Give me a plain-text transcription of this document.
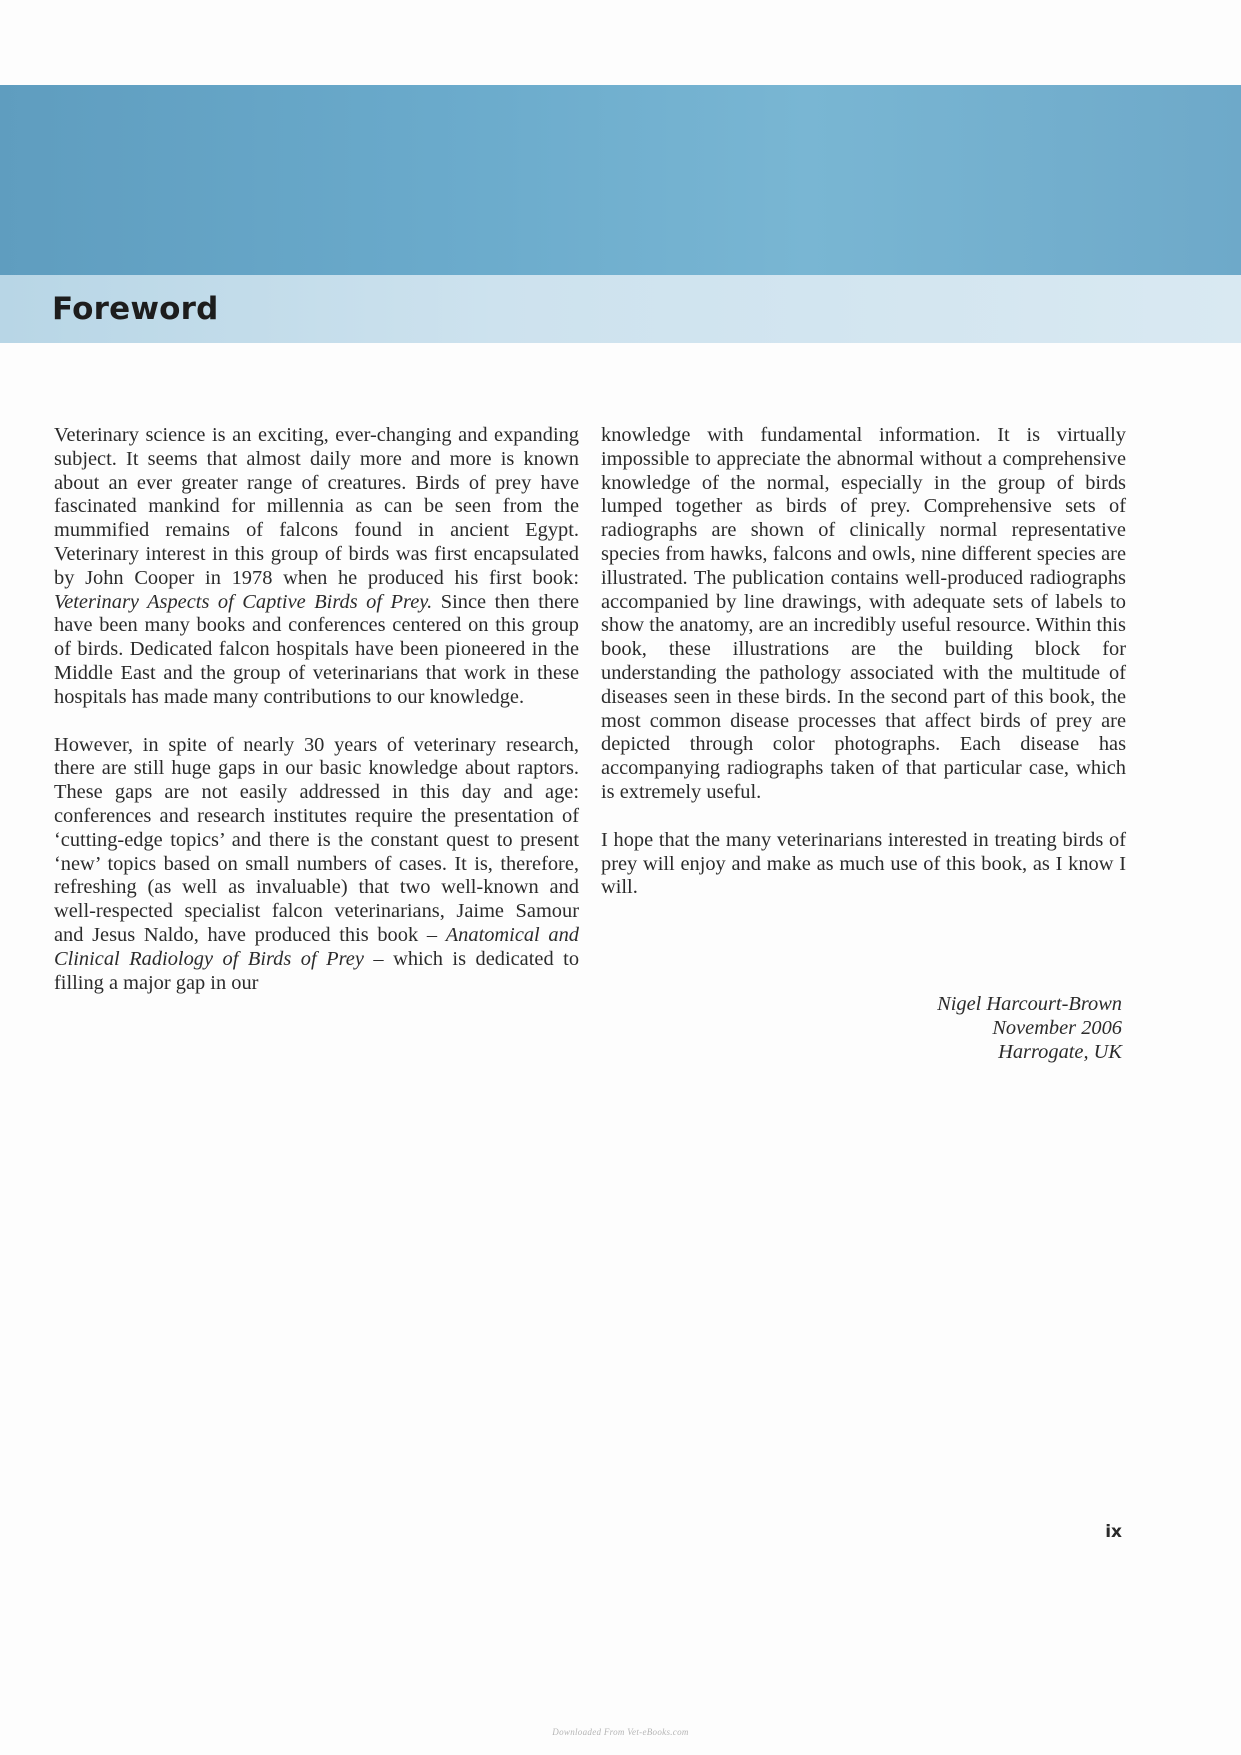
Foreword

Veterinary science is an exciting, ever-changing and expanding subject. It seems that almost daily more and more is known about an ever greater range of creatures. Birds of prey have fascinated mankind for millennia as can be seen from the mummified remains of falcons found in ancient Egypt. Veterinary interest in this group of birds was first encapsulated by John Cooper in 1978 when he produced his first book: Veterinary Aspects of Captive Birds of Prey. Since then there have been many books and conferences centered on this group of birds. Dedicated falcon hospitals have been pioneered in the Middle East and the group of veterinarians that work in these hospitals has made many contributions to our knowledge.

However, in spite of nearly 30 years of veterinary research, there are still huge gaps in our basic knowledge about raptors. These gaps are not easily addressed in this day and age: conferences and research institutes require the presentation of ‘cutting-edge topics’ and there is the constant quest to present ‘new’ topics based on small numbers of cases. It is, therefore, refreshing (as well as invaluable) that two well-known and well-respected specialist falcon veterinarians, Jaime Samour and Jesus Naldo, have produced this book – Anatomical and Clinical Radiology of Birds of Prey – which is dedicated to filling a major gap in our

knowledge with fundamental information. It is virtually impossible to appreciate the abnormal without a comprehensive knowledge of the normal, especially in the group of birds lumped together as birds of prey. Comprehensive sets of radiographs are shown of clinically normal representative species from hawks, falcons and owls, nine different species are illustrated. The publication contains well-produced radiographs accompanied by line drawings, with adequate sets of labels to show the anatomy, are an incredibly useful resource. Within this book, these illustrations are the building block for understanding the pathology associated with the multitude of diseases seen in these birds. In the second part of this book, the most common disease processes that affect birds of prey are depicted through color photographs. Each disease has accompanying radiographs taken of that particular case, which is extremely useful.

I hope that the many veterinarians interested in treating birds of prey will enjoy and make as much use of this book, as I know I will.

Nigel Harcourt-Brown
November 2006
Harrogate, UK
ix
Downloaded From Vet-eBooks.com
